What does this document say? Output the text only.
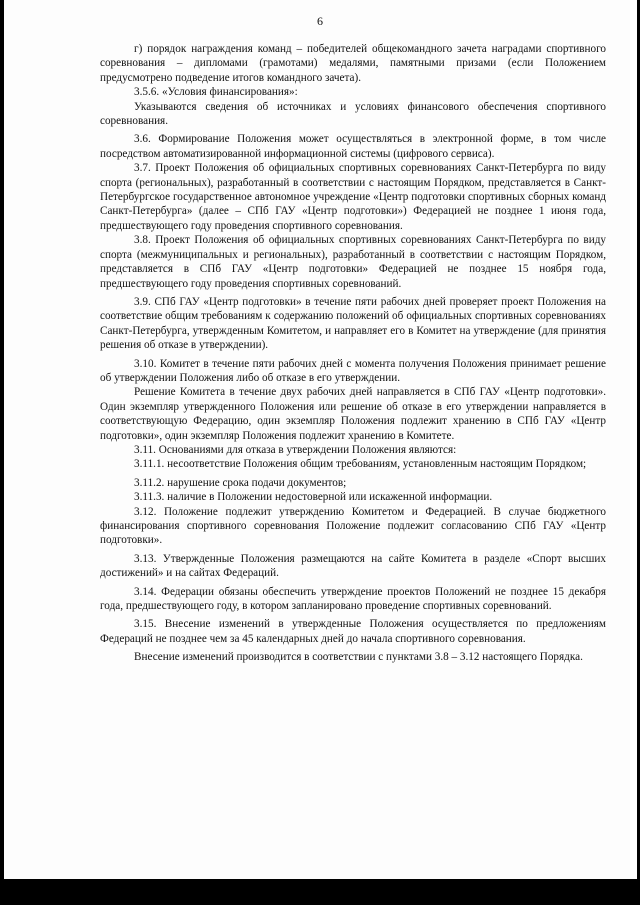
6

г) порядок награждения команд – победителей общекомандного зачета наградами спортивного соревнования – дипломами (грамотами) медалями, памятными призами (если Положением предусмотрено подведение итогов командного зачета).

3.5.6. «Условия финансирования»:

Указываются сведения об источниках и условиях финансового обеспечения спортивного соревнования.

3.6. Формирование Положения может осуществляться в электронной форме, в том числе посредством автоматизированной информационной системы (цифрового сервиса).

3.7. Проект Положения об официальных спортивных соревнованиях Санкт-Петербурга по виду спорта (региональных), разработанный в соответствии с настоящим Порядком, представляется в Санкт-Петербургское государственное автономное учреждение «Центр подготовки спортивных сборных команд Санкт-Петербурга» (далее – СПб ГАУ «Центр подготовки») Федерацией не позднее 1 июня года, предшествующего году проведения спортивного соревнования.

3.8. Проект Положения об официальных спортивных соревнованиях Санкт-Петербурга по виду спорта (межмуниципальных и региональных), разработанный в соответствии с настоящим Порядком, представляется в СПб ГАУ «Центр подготовки» Федерацией не позднее 15 ноября года, предшествующего году проведения спортивных соревнований.

3.9. СПб ГАУ «Центр подготовки» в течение пяти рабочих дней проверяет проект Положения на соответствие общим требованиям к содержанию положений об официальных спортивных соревнованиях Санкт-Петербурга, утвержденным Комитетом, и направляет его в Комитет на утверждение (для принятия решения об отказе в утверждении).

3.10. Комитет в течение пяти рабочих дней с момента получения Положения принимает решение об утверждении Положения либо об отказе в его утверждении.

Решение Комитета в течение двух рабочих дней направляется в СПб ГАУ «Центр подготовки». Один экземпляр утвержденного Положения или решение об отказе в его утверждении направляется в соответствующую Федерацию, один экземпляр Положения подлежит хранению в СПб ГАУ «Центр подготовки», один экземпляр Положения подлежит хранению в Комитете.

3.11. Основаниями для отказа в утверждении Положения являются:

3.11.1. несоответствие Положения общим требованиям, установленным настоящим Порядком;

3.11.2. нарушение срока подачи документов;

3.11.3. наличие в Положении недостоверной или искаженной информации.

3.12. Положение подлежит утверждению Комитетом и Федерацией. В случае бюджетного финансирования спортивного соревнования Положение подлежит согласованию СПб ГАУ «Центр подготовки».

3.13. Утвержденные Положения размещаются на сайте Комитета в разделе «Спорт высших достижений» и на сайтах Федераций.

3.14. Федерации обязаны обеспечить утверждение проектов Положений не позднее 15 декабря года, предшествующего году, в котором запланировано проведение спортивных соревнований.

3.15. Внесение изменений в утвержденные Положения осуществляется по предложениям Федераций не позднее чем за 45 календарных дней до начала спортивного соревнования.

Внесение изменений производится в соответствии с пунктами 3.8 – 3.12 настоящего Порядка.
